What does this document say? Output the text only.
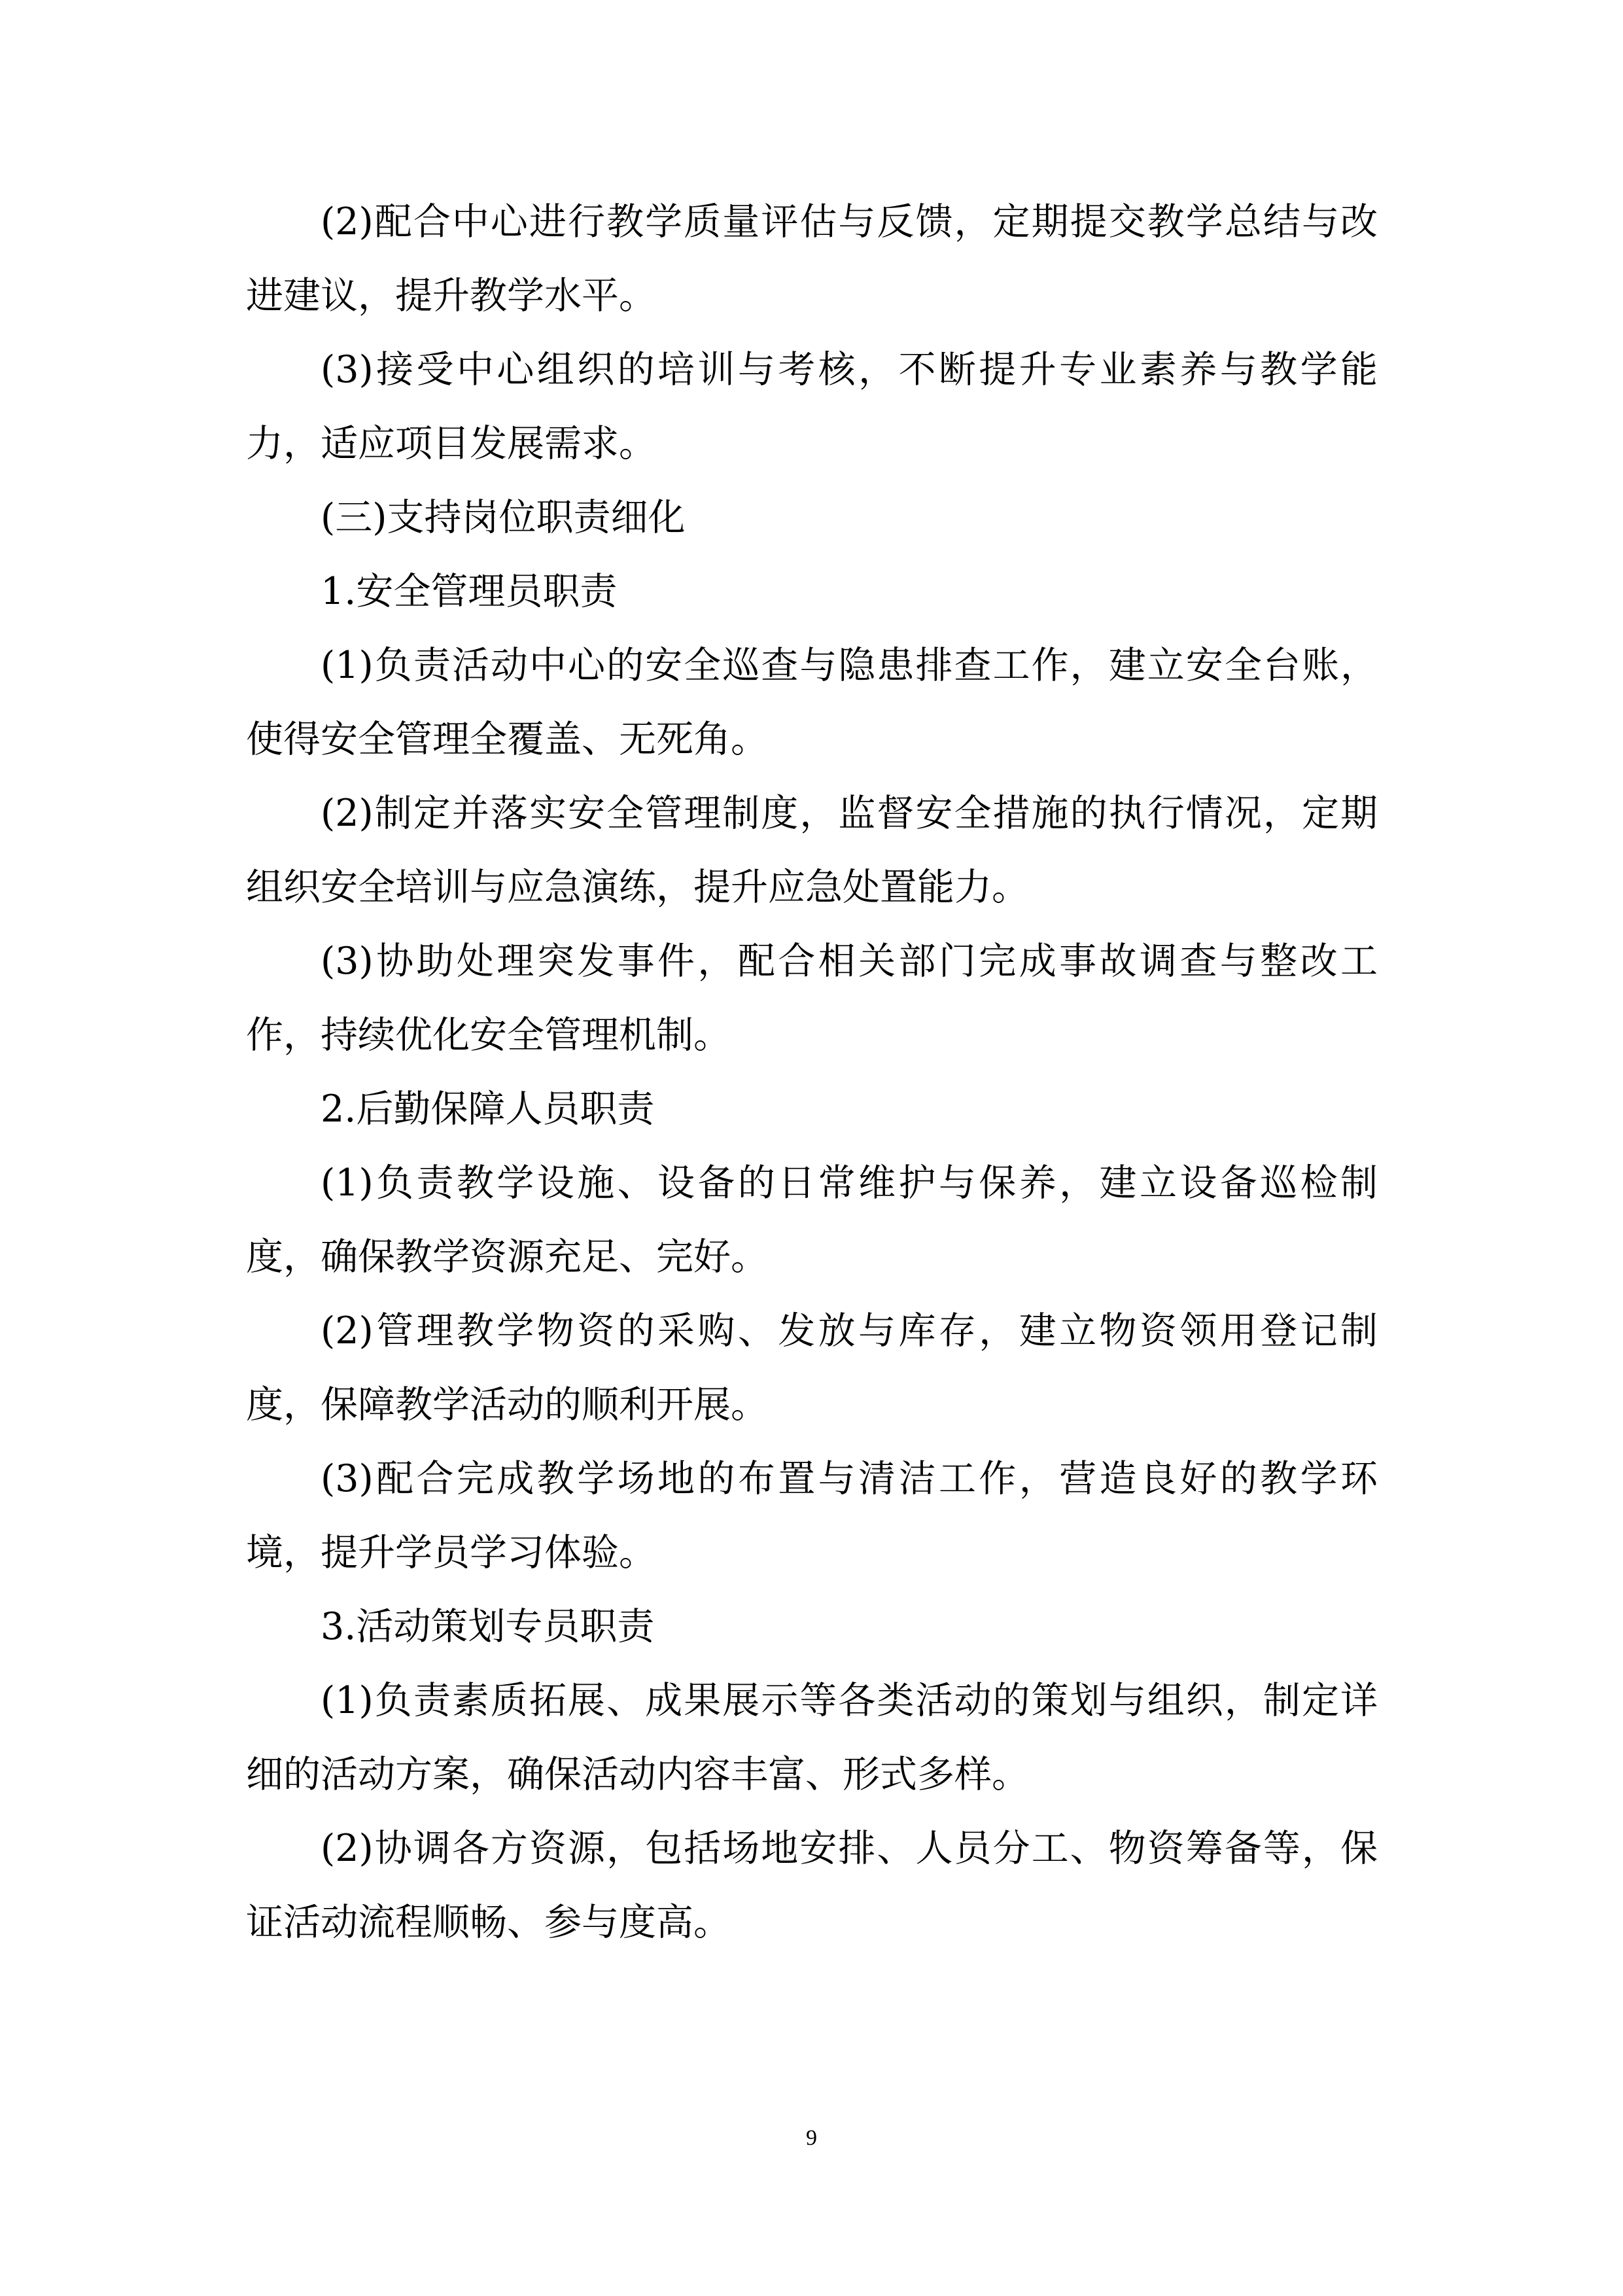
(2)配合中心进行教学质量评估与反馈，定期提交教学总结与改进建议，提升教学水平。

(3)接受中心组织的培训与考核，不断提升专业素养与教学能力，适应项目发展需求。

(三)支持岗位职责细化

1.安全管理员职责

(1)负责活动中心的安全巡查与隐患排查工作，建立安全台账，使得安全管理全覆盖、无死角。

(2)制定并落实安全管理制度，监督安全措施的执行情况，定期组织安全培训与应急演练，提升应急处置能力。

(3)协助处理突发事件，配合相关部门完成事故调查与整改工作，持续优化安全管理机制。

2.后勤保障人员职责

(1)负责教学设施、设备的日常维护与保养，建立设备巡检制度，确保教学资源充足、完好。

(2)管理教学物资的采购、发放与库存，建立物资领用登记制度，保障教学活动的顺利开展。

(3)配合完成教学场地的布置与清洁工作，营造良好的教学环境，提升学员学习体验。

3.活动策划专员职责

(1)负责素质拓展、成果展示等各类活动的策划与组织，制定详细的活动方案，确保活动内容丰富、形式多样。

(2)协调各方资源，包括场地安排、人员分工、物资筹备等，保证活动流程顺畅、参与度高。

9
